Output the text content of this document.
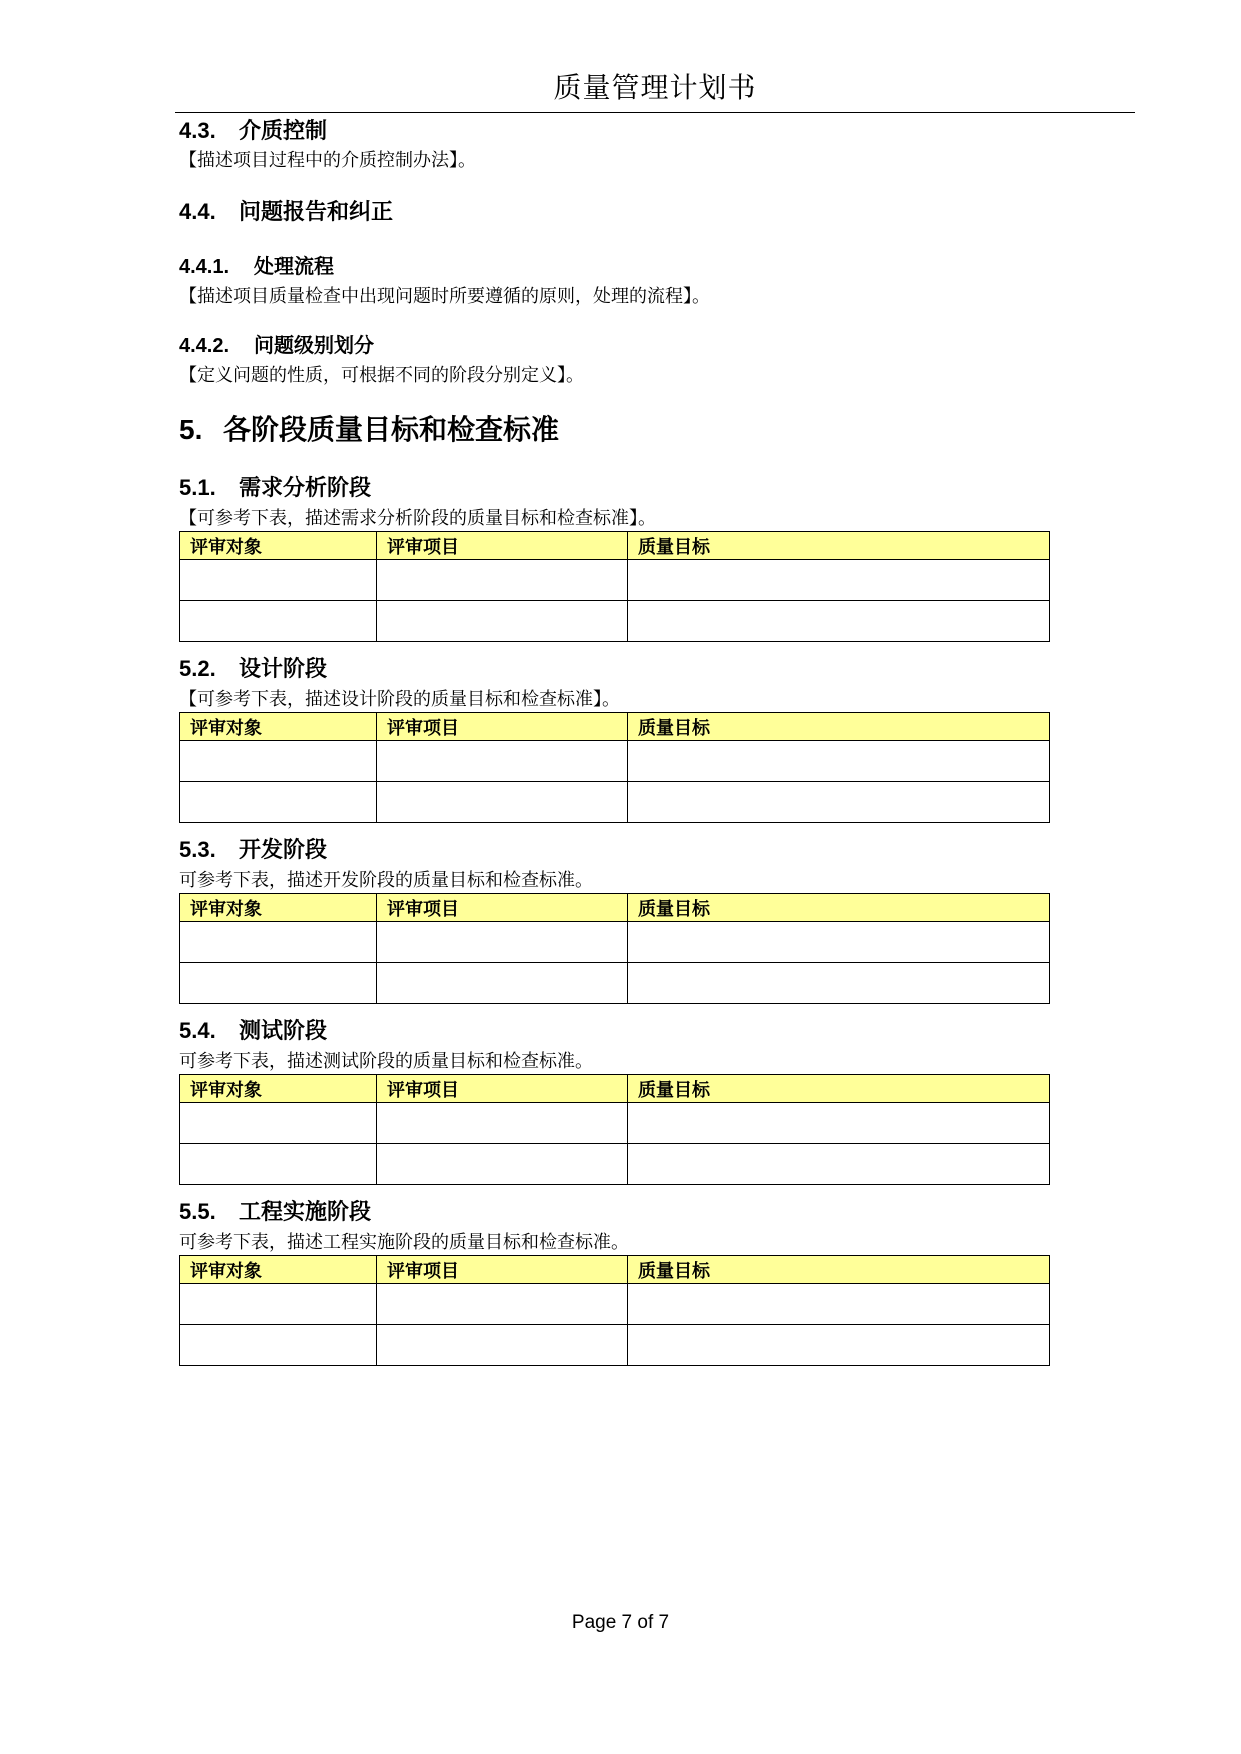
质量管理计划书
4.3. 介质控制
【描述项目过程中的介质控制办法】。
4.4. 问题报告和纠正
4.4.1. 处理流程
【描述项目质量检查中出现问题时所要遵循的原则，处理的流程】。
4.4.2. 问题级别划分
【定义问题的性质，可根据不同的阶段分别定义】。
5. 各阶段质量目标和检查标准
5.1. 需求分析阶段
【可参考下表，描述需求分析阶段的质量目标和检查标准】。
评审对象	评审项目	质量目标

5.2. 设计阶段
【可参考下表，描述设计阶段的质量目标和检查标准】。
评审对象	评审项目	质量目标

5.3. 开发阶段
可参考下表，描述开发阶段的质量目标和检查标准。
评审对象	评审项目	质量目标

5.4. 测试阶段
可参考下表，描述测试阶段的质量目标和检查标准。
评审对象	评审项目	质量目标

5.5. 工程实施阶段
可参考下表，描述工程实施阶段的质量目标和检查标准。
评审对象	评审项目	质量目标

Page 7 of 7
